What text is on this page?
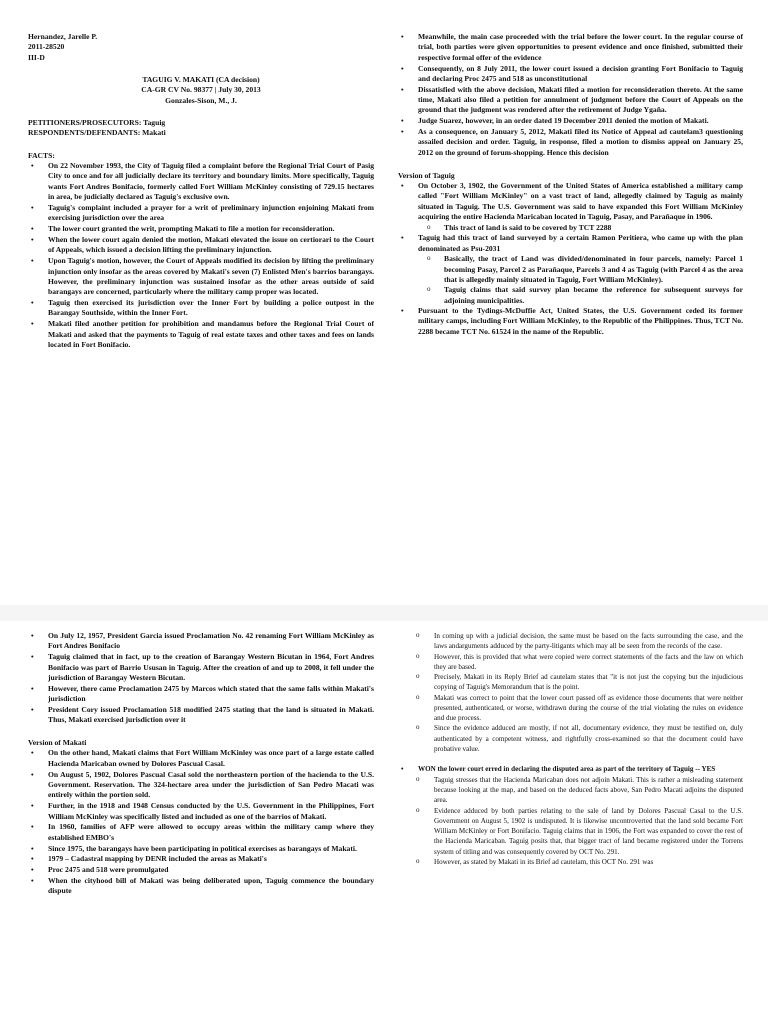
Hernandez, Jarelle P.

2011-28520

III-D

TAGUIG V. MAKATI (CA decision)

CA-GR CV No. 98377 | July 30, 2013

Gonzales-Sison, M., J.

PETITIONERS/PROSECUTORS: Taguig

RESPONDENTS/DEFENDANTS: Makati

FACTS:

• On 22 November 1993, the City of Taguig filed a complaint before the Regional Trial Court of Pasig City to once and for all judicially declare its territory and boundary limits. More specifically, Taguig wants Fort Andres Bonifacio, formerly called Fort William McKinley consisting of 729.15 hectares in area, be judicially declared as Taguig's exclusive own.
• Taguig's complaint included a prayer for a writ of preliminary injunction enjoining Makati from exercising jurisdiction over the area
• The lower court granted the writ, prompting Makati to file a motion for reconsideration.
• When the lower court again denied the motion, Makati elevated the issue on certiorari to the Court of Appeals, which issued a decision lifting the preliminary injunction.
• Upon Taguig's motion, however, the Court of Appeals modified its decision by lifting the preliminary injunction only insofar as the areas covered by Makati's seven (7) Enlisted Men's barrios barangays. However, the preliminary injunction was sustained insofar as the other areas outside of said barangays are concerned, particularly where the military camp proper was located.
• Taguig then exercised its jurisdiction over the Inner Fort by building a police outpost in the Barangay Southside, within the Inner Fort.
• Makati filed another petition for prohibition and mandamus before the Regional Trial Court of Makati and asked that the payments to Taguig of real estate taxes and other taxes and fees on lands located in Fort Bonifacio.
• Meanwhile, the main case proceeded with the trial before the lower court. In the regular course of trial, both parties were given opportunities to present evidence and once finished, submitted their respective formal offer of the evidence
• Consequently, on 8 July 2011, the lower court issued a decision granting Fort Bonifacio to Taguig and declaring Proc 2475 and 518 as unconstitutional
• Dissatisfied with the above decision, Makati filed a motion for reconsideration thereto. At the same time, Makati also filed a petition for annulment of judgment before the Court of Appeals on the ground that the judgment was rendered after the retirement of Judge Ygaña.
• Judge Suarez, however, in an order dated 19 December 2011 denied the motion of Makati.
• As a consequence, on January 5, 2012, Makati filed its Notice of Appeal ad cautelam3 questioning assailed decision and order. Taguig, in response, filed a motion to dismiss appeal on January 25, 2012 on the ground of forum-shopping. Hence this decision

Version of Taguig

• On October 3, 1902, the Government of the United States of America established a military camp called "Fort William McKinley" on a vast tract of land, allegedly claimed by Taguig as mainly situated in Taguig. The U.S. Government was said to have expanded this Fort William McKinley acquiring the entire Hacienda Maricaban located in Taguig, Pasay, and Parañaque in 1906.
o This tract of land is said to be covered by TCT 2288
• Taguig had this tract of land surveyed by a certain Ramon Peritiera, who came up with the plan denominated as Psu-2031
o Basically, the tract of Land was divided/denominated in four parcels, namely: Parcel 1 becoming Pasay, Parcel 2 as Parañaque, Parcels 3 and 4 as Taguig (with Parcel 4 as the area that is allegedly mainly situated in Taguig, Fort William McKinley).
o Taguig claims that said survey plan became the reference for subsequent surveys for adjoining municipalities.
• Pursuant to the Tydings-McDuffie Act, United States, the U.S. Government ceded its former military camps, including Fort William McKinley, to the Republic of the Philippines. Thus, TCT No. 2288 became TCT No. 61524 in the name of the Republic.
• On July 12, 1957, President Garcia issued Proclamation No. 42 renaming Fort William McKinley as Fort Andres Bonifacio
• Taguig claimed that in fact, up to the creation of Barangay Western Bicutan in 1964, Fort Andres Bonifacio was part of Barrio Ususan in Taguig. After the creation of and up to 2008, it fell under the jurisdiction of Barangay Western Bicutan.
• However, there came Proclamation 2475 by Marcos which stated that the same falls within Makati's jurisdiction
• President Cory issued Proclamation 518 modified 2475 stating that the land is situated in Makati. Thus, Makati exercised jurisdiction over it

Version of Makati

• On the other hand, Makati claims that Fort William McKinley was once part of a large estate called Hacienda Maricaban owned by Dolores Pascual Casal.
• On August 5, 1902, Dolores Pascual Casal sold the northeastern portion of the hacienda to the U.S. Government. Reservation. The 324-hectare area under the jurisdiction of San Pedro Macati was entirely within the portion sold.
• Further, in the 1918 and 1948 Census conducted by the U.S. Government in the Philippines, Fort William McKinley was specifically listed and included as one of the barrios of Makati.
• In 1960, families of AFP were allowed to occupy areas within the military camp where they established EMBO's
• Since 1975, the barangays have been participating in political exercises as barangays of Makati.
• 1979 – Cadastral mapping by DENR included the areas as Makati's
• Proc 2475 and 518 were promulgated
• When the cityhood bill of Makati was being deliberated upon, Taguig commence the boundary dispute
o In coming up with a judicial decision, the same must be based on the facts surrounding the case, and the laws andarguments adduced by the party-litigants which may all be seen from the records of the case.
o However, this is provided that what were copied were correct statements of the facts and the law on which they are based.
o Precisely, Makati in its Reply Brief ad cautelam states that "it is not just the copying but the injudicious copying of Taguig's Memorandum that is the point.
o Makati was correct to point that the lower court passed off as evidence those documents that were neither presented, authenticated, or worse, withdrawn during the course of the trial violating the rules on evidence and due process.
o Since the evidence adduced are mostly, if not all, documentary evidence, they must be testified on, duly authenticated by a competent witness, and rightfully cross-examined so that the document could have probative value.
• WON the lower court erred in declaring the disputed area as part of the territory of Taguig -- YES
o Taguig stresses that the Hacienda Maricaban does not adjoin Makati. This is rather a misleading statement because looking at the map, and based on the deduced facts above, San Pedro Macati adjoins the disputed area.
o Evidence adduced by both parties relating to the sale of land by Dolores Pascual Casal to the U.S. Government on August 5, 1902 is undisputed. It is likewise uncontroverted that the land sold became Fort William McKinley or Fort Bonifacio. Taguig claims that in 1906, the Fort was expanded to cover the rest of the Hacienda Maricaban. Taguig posits that, that bigger tract of land became registered under the Torrens system of titling and was consequently covered by OCT No. 291.
o However, as stated by Makati in its Brief ad cautelam, this OCT No. 291 was
